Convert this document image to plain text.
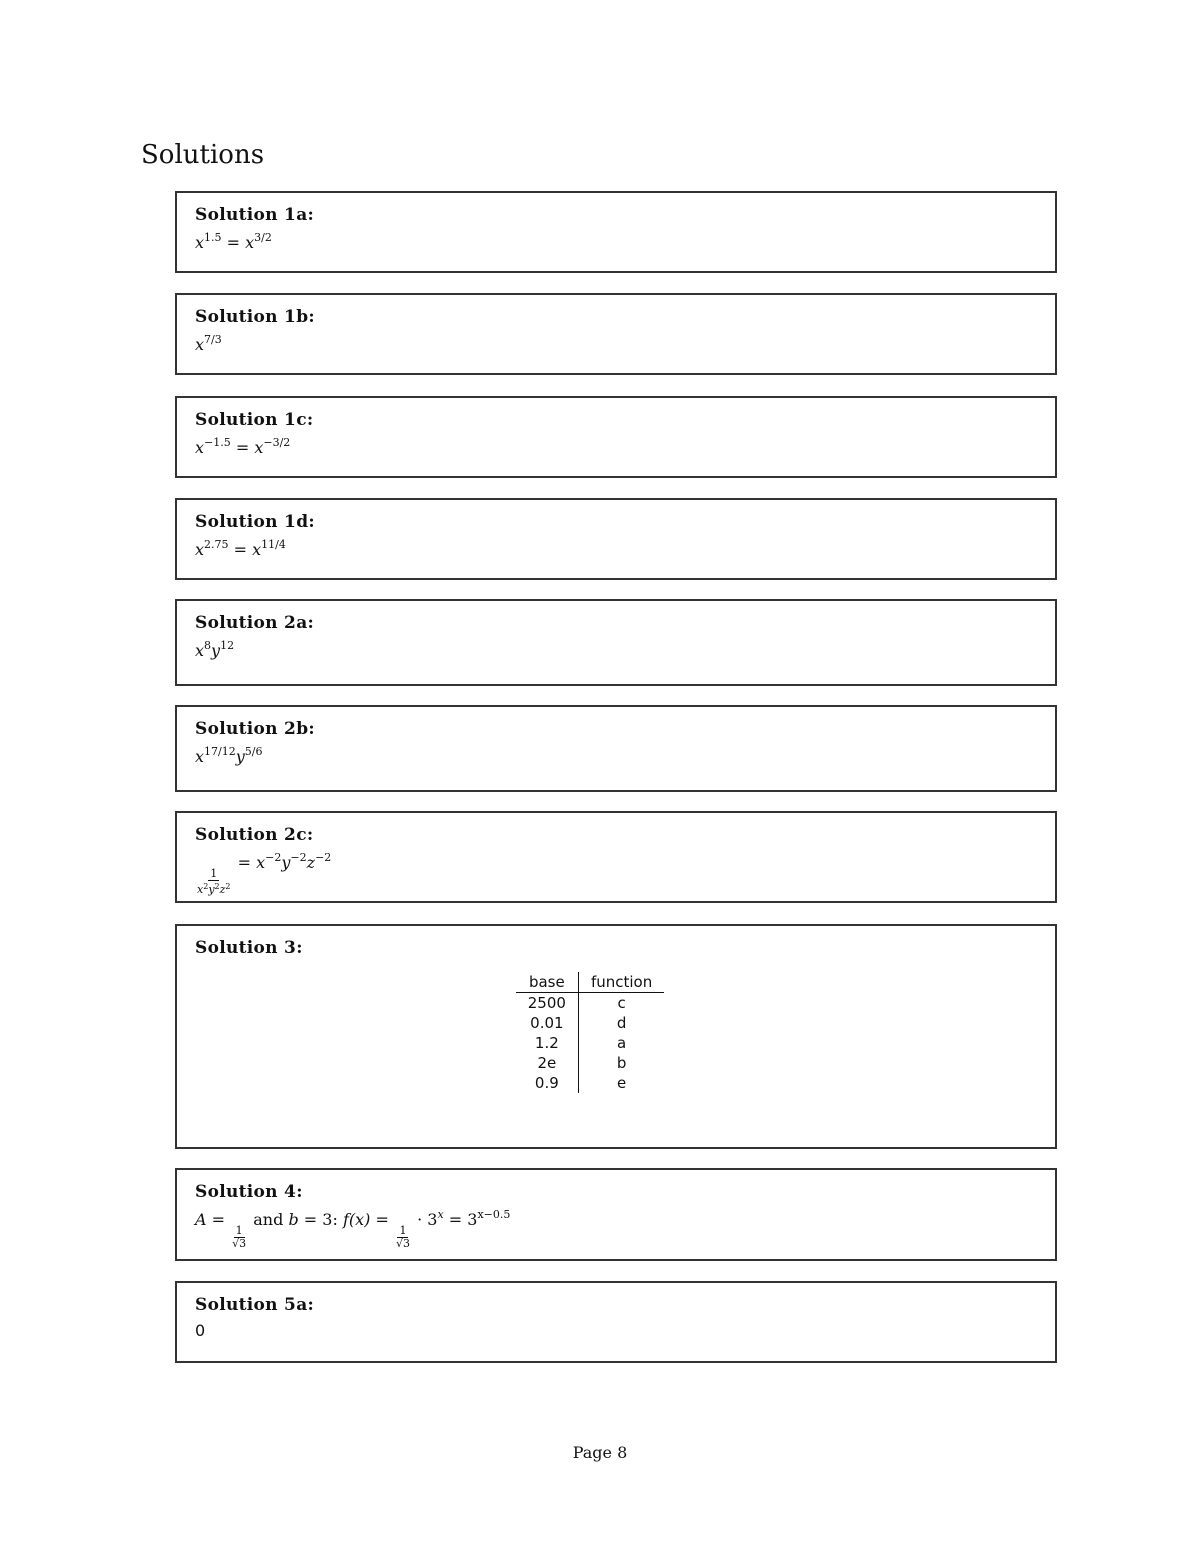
Solutions
Solution 1a:
$x^{1.5} = x^{3/2}$
Solution 1b:
$x^{7/3}$
Solution 1c:
$x^{-1.5} = x^{-3/2}$
Solution 1d:
$x^{2.75} = x^{11/4}$
Solution 2a:
$x^8y^{12}$
Solution 2b:
$x^{17/12}y^{5/6}$
Solution 2c:
$\frac{1}{x^2y^2z^2}$
= $x^{-2}y^{-2}z^{-2}$
Solution 3:
base	function
2500	c
0.01	d
1.2	a
2e	b
0.9	e
Solution 4:
A =
$\frac{1}{√3}$
and b = 3: f(x) =
$\frac{1}{√3}$
· $3^x = 3^{x-0.5}$
Solution 5a:
0
Page 8
